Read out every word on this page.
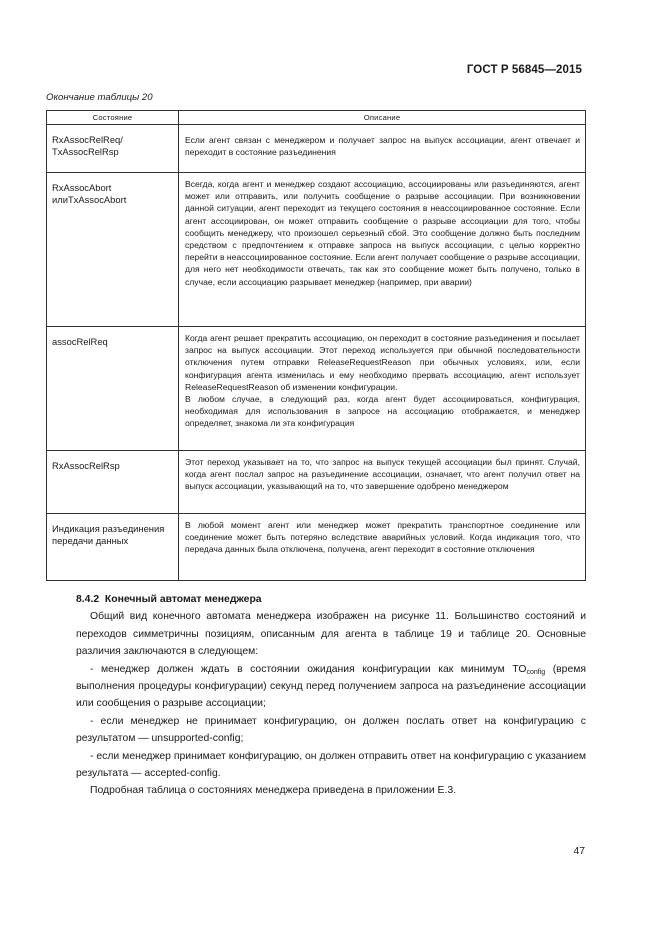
ГОСТ Р 56845—2015
Окончание таблицы 20
Состояние	Описание
RxAssocRelReq/
TxAssocRelRsp	Если агент связан с менеджером и получает запрос на выпуск ассоциации, агент отвечает и переходит в состояние разъединения
RxAssocAbort
илиTxAssocAbort	Всегда, когда агент и менеджер создают ассоциацию, ассоциированы или разъединяются, агент может или отправить, или получить сообщение о разрыве ассоциации. При возникновении данной ситуации, агент переходит из текущего состояния в неассоциированное состояние. Если агент ассоциирован, он может отправить сообщение о разрыве ассоциации для того, чтобы сообщить менеджеру, что произошел серьезный сбой. Это сообщение должно быть последним средством с предпочтением к отправке запроса на выпуск ассоциации, с целью корректно перейти в неассоциированное состояние. Если агент получает сообщение о разрыве ассоциации, для него нет необходимости отвечать, так как это сообщение может быть получено, только в случае, если ассоциацию разрывает менеджер (например, при аварии)
assocRelReq	Когда агент решает прекратить ассоциацию, он переходит в состояние разъединения и посылает запрос на выпуск ассоциации. Этот переход используется при обычной последовательности отключения путем отправки ReleaseRequestReason при обычных условиях, или, если конфигурация агента изменилась и ему необходимо прервать ассоциацию, агент использует ReleaseRequestReason об изменении конфигурации.
В любом случае, в следующий раз, когда агент будет ассоциироваться, конфигурация, необходимая для использования в запросе на ассоциацию отображается, и менеджер определяет, знакома ли эта конфигурация
RxAssocRelRsp	Этот переход указывает на то, что запрос на выпуск текущей ассоциации был принят. Случай, когда агент послал запрос на разъединение ассоциации, означает, что агент получил ответ на выпуск ассоциации, указывающий на то, что завершение одобрено менеджером
Индикация разъединения передачи данных	В любой момент агент или менеджер может прекратить транспортное соединение или соединение может быть потеряно вследствие аварийных условий. Когда индикация того, что передача данных была отключена, получена, агент переходит в состояние отключения

8.4.2  Конечный автомат менеджера

Общий вид конечного автомата менеджера изображен на рисунке 11. Большинство состояний и переходов симметричны позициям, описанным для агента в таблице 19 и таблице 20. Основные различия заключаются в следующем:

- менеджер должен ждать в состоянии ожидания конфигурации как минимум $TO_{config}$ (время выполнения процедуры конфигурации) секунд перед получением запроса на разъединение ассоциации или сообщения о разрыве ассоциации;

- если менеджер не принимает конфигурацию, он должен послать ответ на конфигурацию с результатом — unsupported-config;

- если менеджер принимает конфигурацию, он должен отправить ответ на конфигурацию с указанием результата — accepted-config.

Подробная таблица о состояниях менеджера приведена в приложении Е.3.

47
